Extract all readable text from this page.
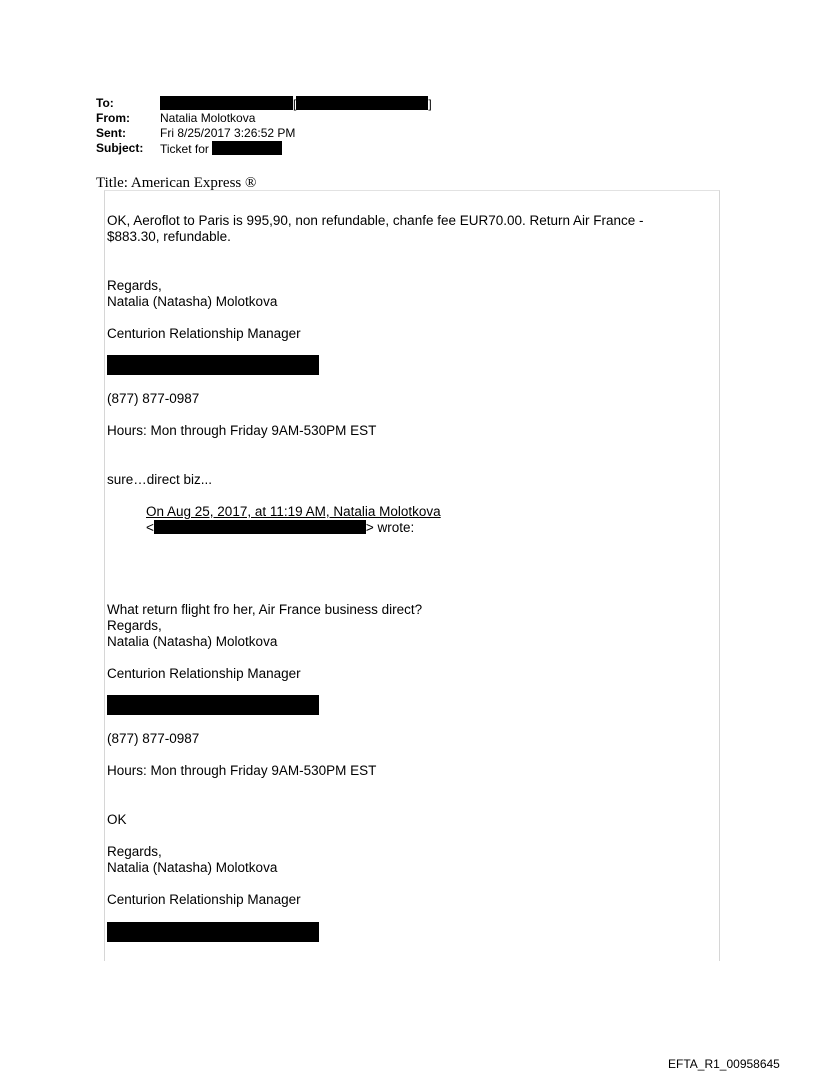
To:	[	]
From:	Natalia Molotkova
Sent:	Fri 8/25/2017 3:26:52 PM
Subject:	Ticket for
Title: American Express ®
OK, Aeroflot to Paris is 995,90, non refundable, chanfe fee EUR70.00. Return Air France - $883.30, refundable.
Regards,
Natalia (Natasha) Molotkova
Centurion Relationship Manager
(877) 877-0987
Hours: Mon through Friday 9AM-530PM EST
sure…direct biz...
On Aug 25, 2017, at 11:19 AM, Natalia Molotkova
<	> wrote:
What return flight fro her, Air France business direct?
Regards,
Natalia (Natasha) Molotkova
Centurion Relationship Manager
(877) 877-0987
Hours: Mon through Friday 9AM-530PM EST
OK
Regards,
Natalia (Natasha) Molotkova
Centurion Relationship Manager
EFTA_R1_00958645
